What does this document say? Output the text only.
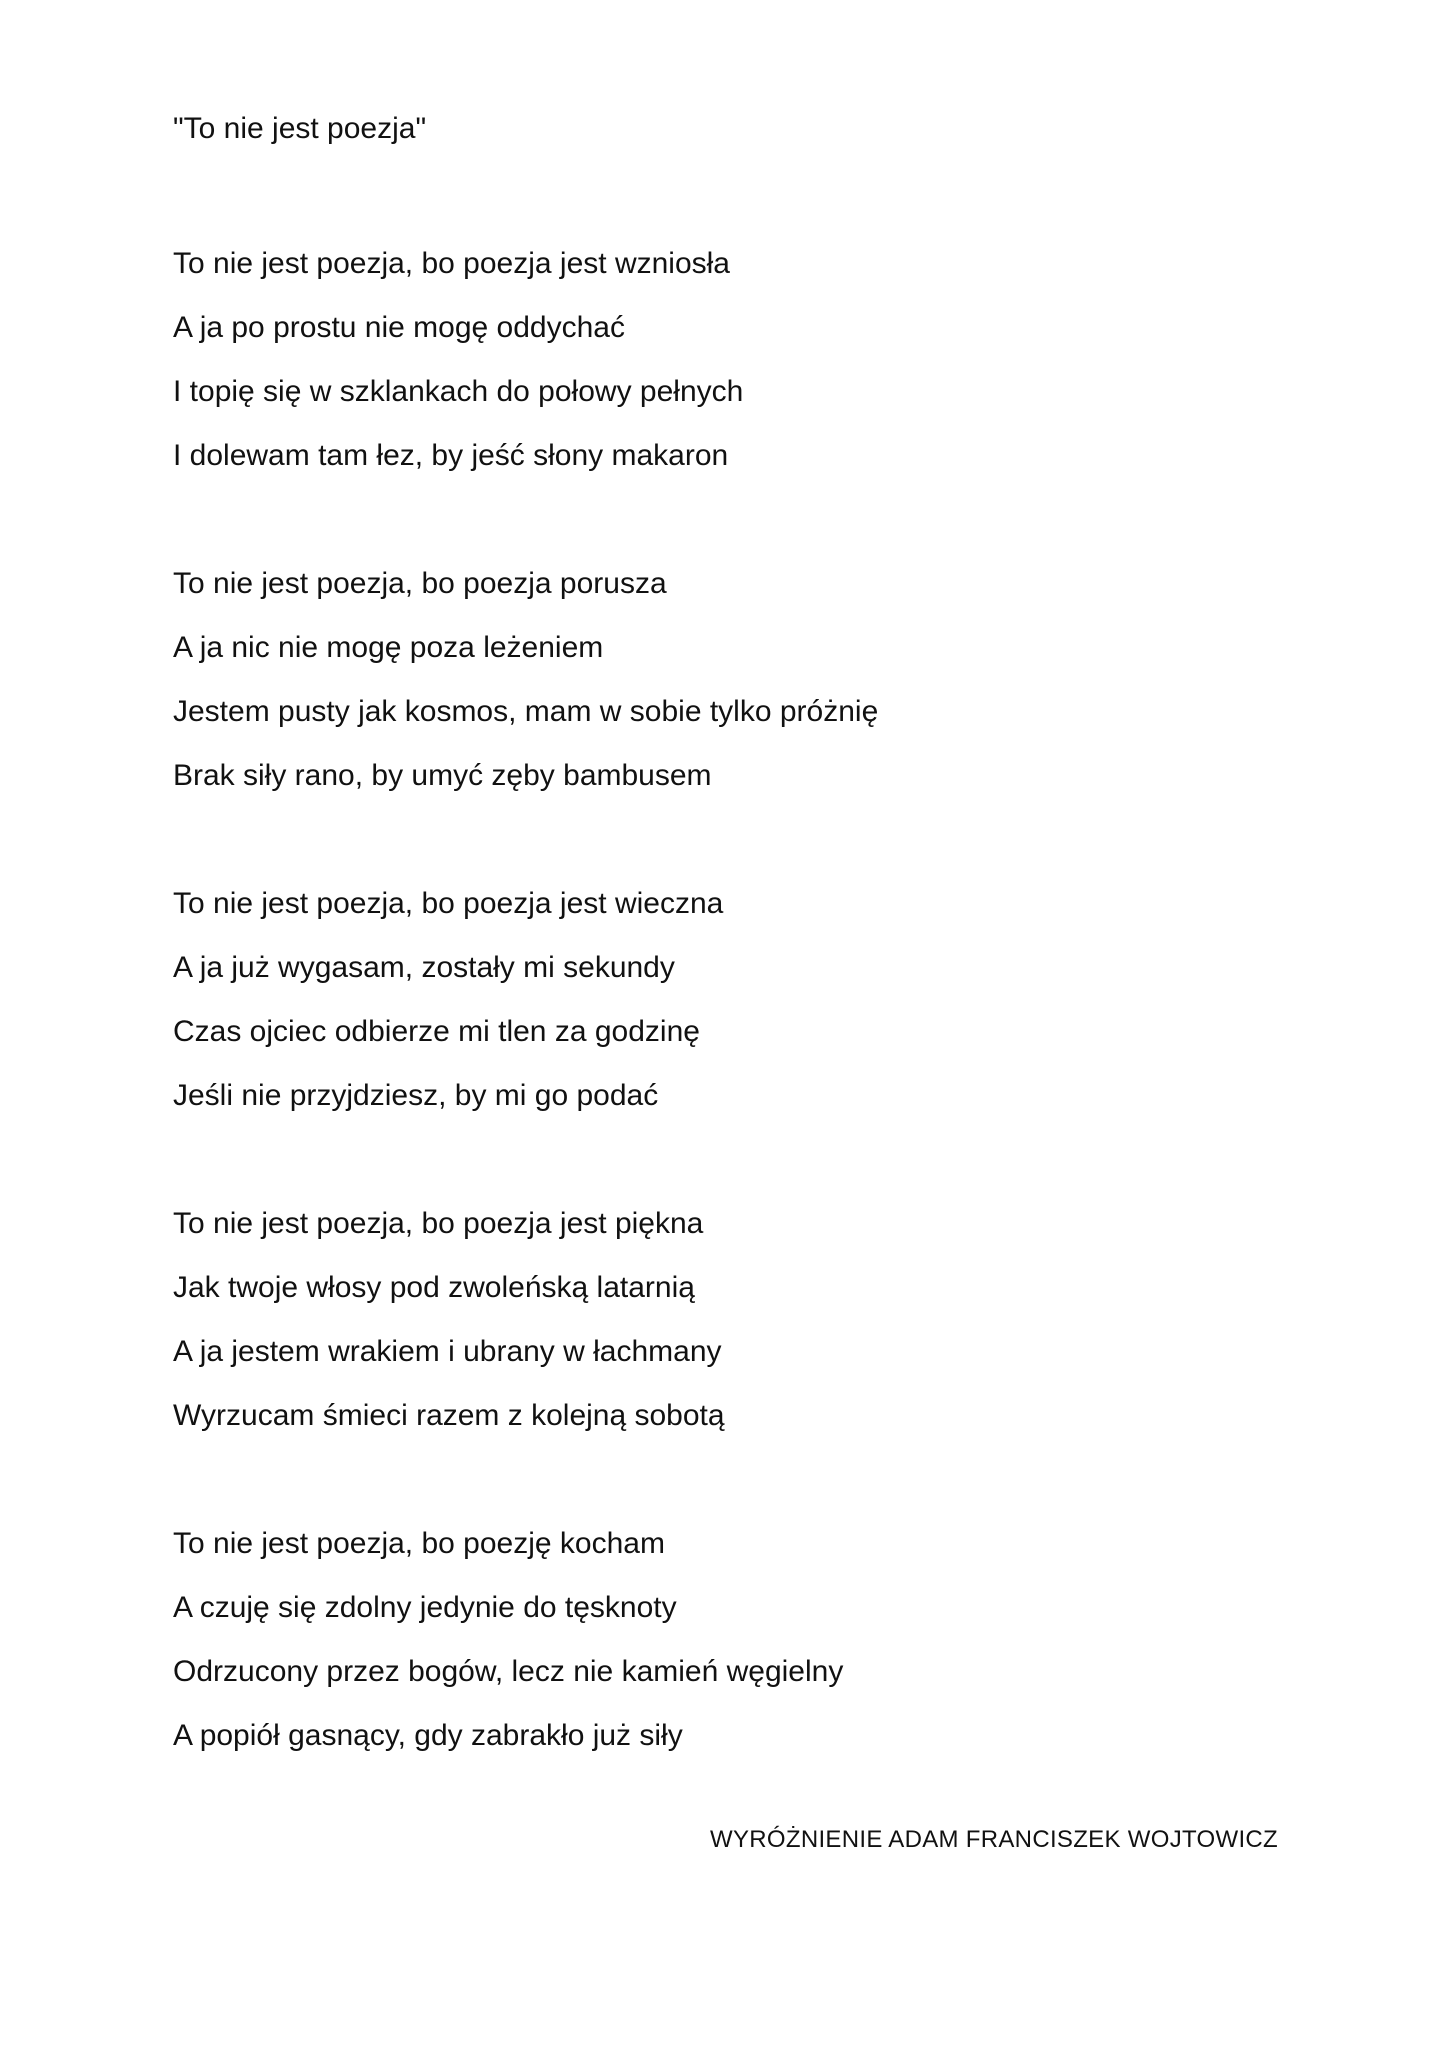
"To nie jest poezja"
To nie jest poezja, bo poezja jest wzniosła
A ja po prostu nie mogę oddychać
I topię się w szklankach do połowy pełnych
I dolewam tam łez, by jeść słony makaron
To nie jest poezja, bo poezja porusza
A ja nic nie mogę poza leżeniem
Jestem pusty jak kosmos, mam w sobie tylko próżnię
Brak siły rano, by umyć zęby bambusem
To nie jest poezja, bo poezja jest wieczna
A ja już wygasam, zostały mi sekundy
Czas ojciec odbierze mi tlen za godzinę
Jeśli nie przyjdziesz, by mi go podać
To nie jest poezja, bo poezja jest piękna
Jak twoje włosy pod zwoleńską latarnią
A ja jestem wrakiem i ubrany w łachmany
Wyrzucam śmieci razem z kolejną sobotą
To nie jest poezja, bo poezję kocham
A czuję się zdolny jedynie do tęsknoty
Odrzucony przez bogów, lecz nie kamień węgielny
A popiół gasnący, gdy zabrakło już siły
WYRÓŻNIENIE ADAM FRANCISZEK WOJTOWICZ
